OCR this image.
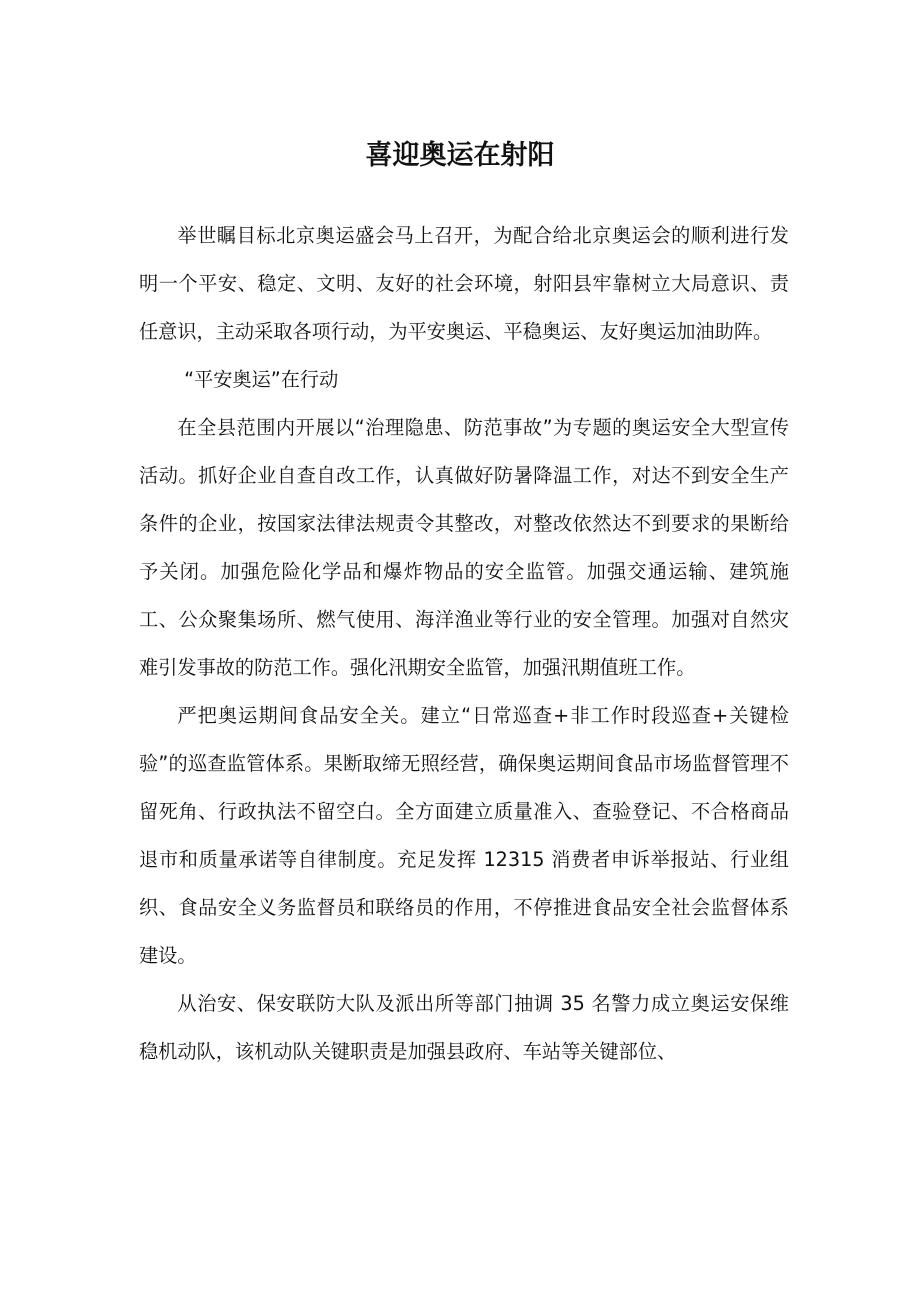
喜迎奥运在射阳

举世瞩目标北京奥运盛会马上召开，为配合给北京奥运会的顺利进行发明一个平安、稳定、文明、友好的社会环境，射阳县牢靠树立大局意识、责任意识，主动采取各项行动，为平安奥运、平稳奥运、友好奥运加油助阵。

“平安奥运”在行动

在全县范围内开展以“治理隐患、防范事故”为专题的奥运安全大型宣传活动。抓好企业自查自改工作，认真做好防暑降温工作，对达不到安全生产条件的企业，按国家法律法规责令其整改，对整改依然达不到要求的果断给予关闭。加强危险化学品和爆炸物品的安全监管。加强交通运输、建筑施工、公众聚集场所、燃气使用、海洋渔业等行业的安全管理。加强对自然灾难引发事故的防范工作。强化汛期安全监管，加强汛期值班工作。

严把奥运期间食品安全关。建立“日常巡查+非工作时段巡查+关键检验”的巡查监管体系。果断取缔无照经营，确保奥运期间食品市场监督管理不留死角、行政执法不留空白。全方面建立质量准入、查验登记、不合格商品退市和质量承诺等自律制度。充足发挥 12315 消费者申诉举报站、行业组织、食品安全义务监督员和联络员的作用，不停推进食品安全社会监督体系建设。

从治安、保安联防大队及派出所等部门抽调 35 名警力成立奥运安保维稳机动队，该机动队关键职责是加强县政府、车站等关键部位、
